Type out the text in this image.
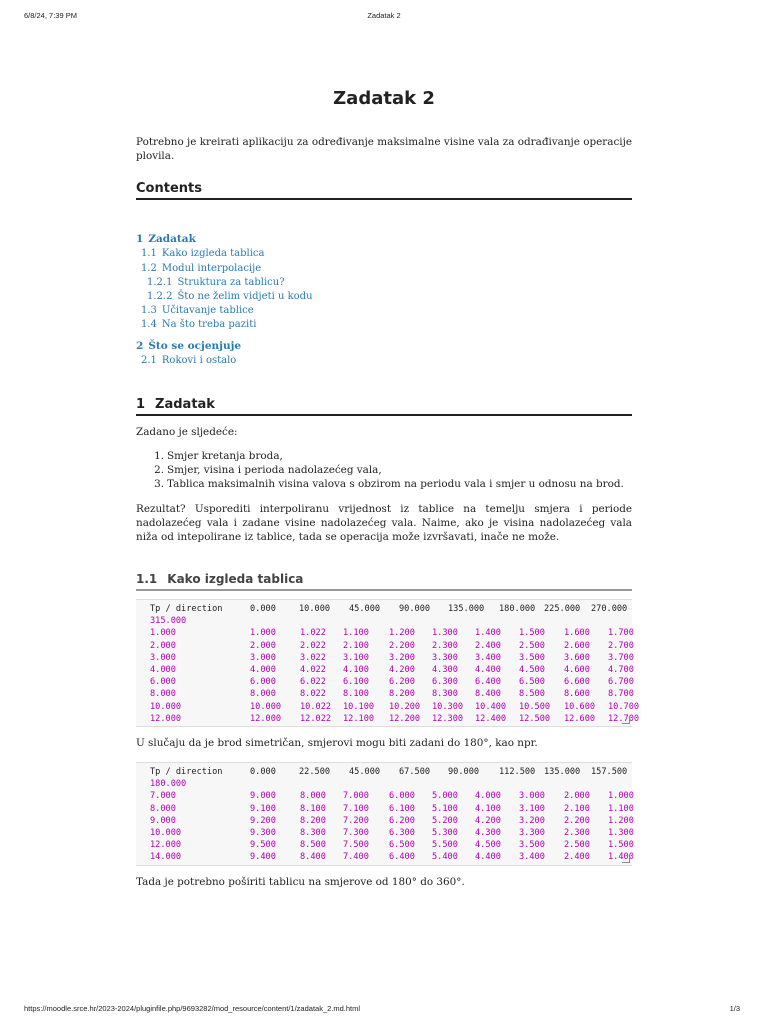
6/8/24, 7:39 PM	Zadatak 2
Zadatak 2

Potrebno je kreirati aplikaciju za određivanje maksimalne visine vala za odrađivanje operacije plovila.

Contents
1 Zadatak
1.1 Kako izgleda tablica
1.2 Modul interpolacije
1.2.1 Struktura za tablicu?
1.2.2 Što ne želim vidjeti u kodu
1.3 Učitavanje tablice
1.4 Na što treba paziti
2 Što se ocjenjuje
2.1 Rokovi i ostalo
1 Zadatak

Zadano je sljedeće:

1. Smjer kretanja broda,
2. Smjer, visina i perioda nadolazećeg vala,
3. Tablica maksimalnih visina valova s obzirom na periodu vala i smjer u odnosu na brod.

Rezultat? Usporediti interpoliranu vrijednost iz tablice na temelju smjera i periode nadolazećeg vala i zadane visine nadolazećeg vala. Naime, ako je visina nadolazećeg vala niža od intepolirane iz tablice, tada se operacija može izvršavati, inače ne može.

1.1 Kako izgleda tablica
Tp / direction	0.000	10.000 45.000 90.000 135.000 180.000 225.000 270.000
315.000
1.000	1.000	1.022 1.100 1.200 1.300 1.400 1.500 1.600 1.700
2.000	2.000	2.022 2.100 2.200 2.300 2.400 2.500 2.600 2.700
3.000	3.000	3.022 3.100 3.200 3.300 3.400 3.500 3.600 3.700
4.000	4.000	4.022 4.100 4.200 4.300 4.400 4.500 4.600 4.700
6.000	6.000	6.022 6.100 6.200 6.300 6.400 6.500 6.600 6.700
8.000	8.000	8.022 8.100 8.200 8.300 8.400 8.500 8.600 8.700
10.000	10.000 10.022 10.100 10.200 10.300 10.400 10.500 10.600 10.700
12.000	12.000 12.022 12.100 12.200 12.300 12.400 12.500 12.600 12.700

U slučaju da je brod simetričan, smjerovi mogu biti zadani do 180°, kao npr.

Tp / direction	0.000	22.500 45.000 67.500 90.000 112.500 135.000 157.500
180.000
7.000	9.000	8.000 7.000 6.000 5.000 4.000 3.000 2.000 1.000
8.000	9.100	8.100 7.100 6.100 5.100 4.100 3.100 2.100 1.100
9.000	9.200	8.200 7.200 6.200 5.200 4.200 3.200 2.200 1.200
10.000	9.300	8.300 7.300 6.300 5.300 4.300 3.300 2.300 1.300
12.000	9.500	8.500 7.500 6.500 5.500 4.500 3.500 2.500 1.500
14.000	9.400	8.400 7.400 6.400 5.400 4.400 3.400 2.400 1.400

Tada je potrebno poširiti tablicu na smjerove od 180° do 360°.

https://moodle.srce.hr/2023-2024/pluginfile.php/9693282/mod_resource/content/1/zadatak_2.md.html	1/3
